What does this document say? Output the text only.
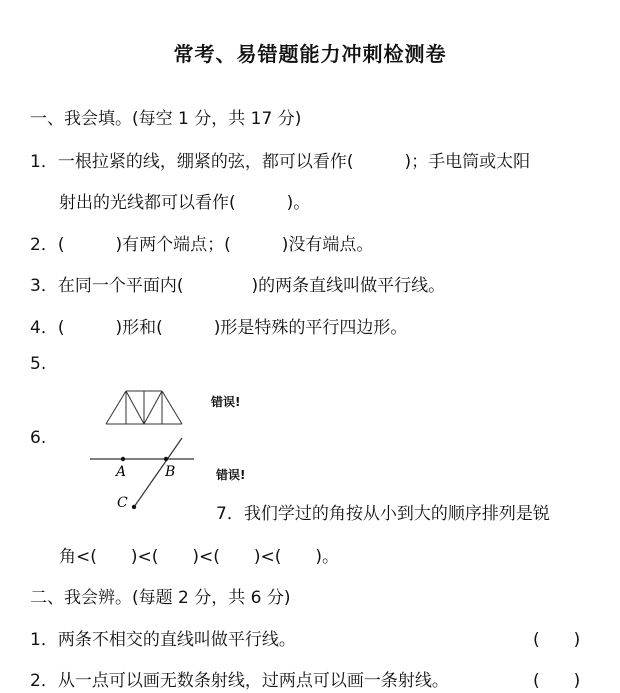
常考、易错题能力冲刺检测卷
一、我会填。(每空 1 分，共 17 分)
1．一根拉紧的线，绷紧的弦，都可以看作(　　　)；手电筒或太阳
射出的光线都可以看作(　　　)。
2．(　　　)有两个端点；(　　　)没有端点。
3．在同一个平面内(　　　　)的两条直线叫做平行线。
4．(　　　)形和(　　　)形是特殊的平行四边形。
5.
错误!
6.
A	B
C
错误!
7．我们学过的角按从小到大的顺序排列是锐
角<(　　)<(　　)<(　　)<(　　)。
二、我会辨。(每题 2 分，共 6 分)
1．两条不相交的直线叫做平行线。	(　　)
2．从一点可以画无数条射线，过两点可以画一条射线。	(　　)
